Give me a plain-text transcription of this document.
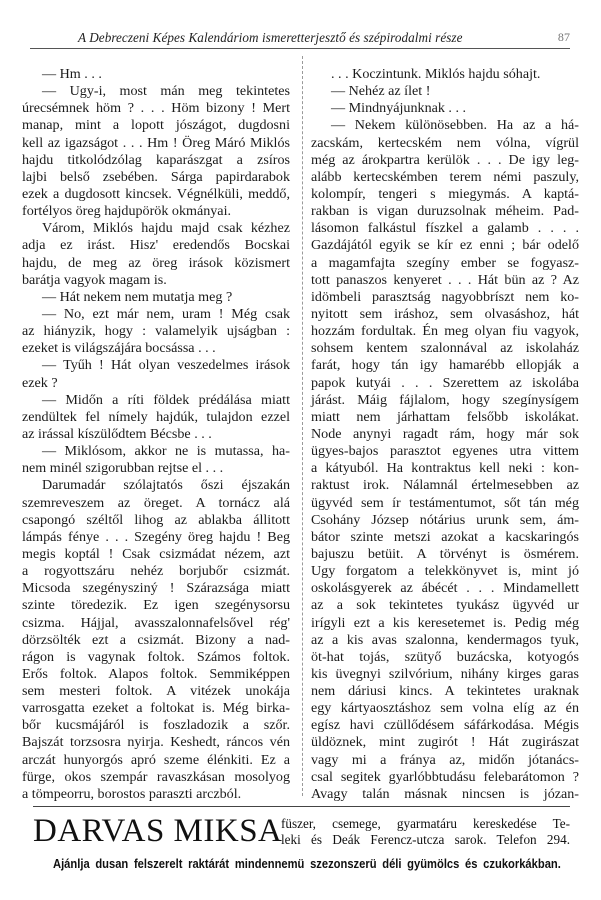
A Debreczeni Képes Kalendáriom ismeretterjesztő és szépirodalmi része	87
— Hm . . .
— Ugy-i, most mán meg tekintetes
úrecsémnek höm ? . . . Höm bizony ! Mert
manap, mint a lopott jószágot, dugdosni
kell az igazságot . . . Hm ! Öreg Máró Miklós
hajdu titkolódzólag kaparászgat a zsíros
lajbi belső zsebében. Sárga papirdarabok
ezek a dugdosott kincsek. Végnélküli, meddő,
fortélyos öreg hajdupörök okmányai.
Várom, Miklós hajdu majd csak kézhez
adja ez irást. Hisz' eredendős Bocskai
hajdu, de meg az öreg irások közismert
barátja vagyok magam is.
— Hát nekem nem mutatja meg ?
— No, ezt már nem, uram ! Még csak
az hiányzik, hogy : valamelyik ujságban :
ezeket is világszájára bocsássa . . .
— Tyűh ! Hát olyan veszedelmes irások
ezek ?
— Midőn a ríti földek prédálása miatt
zendültek fel nímely hajdúk, tulajdon ezzel
az irással kíszülődtem Bécsbe . . .
— Miklósom, akkor ne is mutassa, ha-
nem minél szigorubban rejtse el . . .
Darumadár szólajtatós őszi éjszakán
szemreveszem az öreget. A tornácz alá
csapongó széltől lihog az ablakba állitott
lámpás fénye . . . Szegény öreg hajdu ! Beg
megis koptál ! Csak csizmádat nézem, azt
a rogyottszáru nehéz borjubőr csizmát.
Micsoda szegénysziný ! Szárazsága miatt
szinte töredezik. Ez igen szegénysorsu
csizma. Hájjal, avasszalonnafelsővel rég'
dörzsölték ezt a csizmát. Bizony a nad-
rágon is vagynak foltok. Számos foltok.
Erős foltok. Alapos foltok. Semmiképpen
sem mesteri foltok. A vitézek unokája
varrosgatta ezeket a foltokat is. Még birka-
bőr kucsmájáról is foszladozik a szőr.
Bajszát torzsosra nyirja. Keshedt, ráncos vén
arczát hunyorgós apró szeme élénkiti. Ez a
fürge, okos szempár ravaszkásan mosolyog
a tömpeorru, borostos paraszti arczból.
. . . Koczintunk. Miklós hajdu sóhajt.
— Nehéz az ílet !
— Mindnyájunknak . . .
— Nekem különösebben. Ha az a há-
zacskám, kertecském nem vólna, vígrül
még az árokpartra kerülök . . . De igy leg-
alább kertecskémben terem némi paszuly,
kolompír, tengeri s miegymás. A kaptá-
rakban is vigan duruzsolnak méheim. Pad-
lásomon falkástul físzkel a galamb . . . .
Gazdájától egyik se kír ez enni ; bár odelő
a magamfajta szegíny ember se fogyasz-
tott panaszos kenyeret . . . Hát bün az ? Az
idömbeli parasztság nagyobbríszt nem ko-
nyitott sem iráshoz, sem olvasáshoz, hát
hozzám fordultak. Én meg olyan fiu vagyok,
sohsem kentem szalonnával az iskolaház
farát, hogy tán igy hamarébb ellopják a
papok kutyái . . . Szerettem az iskolába
járást. Máig fájlalom, hogy szegínysígem
miatt nem járhattam felsőbb iskolákat.
Node anynyi ragadt rám, hogy már sok
ügyes-bajos parasztot egyenes utra vittem
a kátyuból. Ha kontraktus kell neki : kon-
raktust irok. Nálamnál értelmesebben az
ügyvéd sem ír testámentumot, sőt tán még
Csohány Józsep nótárius urunk sem, ám-
bátor szinte metszi azokat a kacskaringós
bajuszu betüit. A törvényt is ösmérem.
Ugy forgatom a telekkönyvet is, mint jó
oskolásgyerek az ábécét . . . Mindamellett
az a sok tekintetes tyukász ügyvéd ur
irígyli ezt a kis keresetemet is. Pedig még
az a kis avas szalonna, kendermagos tyuk,
öt-hat tojás, szütyő buzácska, kotyogós
kis üvegnyi szilvórium, nihány kirges garas
nem dáriusi kincs. A tekintetes uraknak
egy kártyaosztáshoz sem volna elíg az én
egísz havi czüllődésem sáfárkodása. Mégis
üldöznek, mint zugirót ! Hát zugirászat
vagy mi a fránya az, midőn jótanács-
csal segitek gyarlóbbtudásu felebarátomon ?
Avagy talán másnak nincsen is józan-
DARVAS MIKSA
füszer, csemege, gyarmatáru kereskedése Te-
leki és Deák Ferencz-utcza sarok. Telefon 294.
Ajánlja dusan felszerelt raktárát mindennemü szezonszerü déli gyümölcs és czukorkákban.
